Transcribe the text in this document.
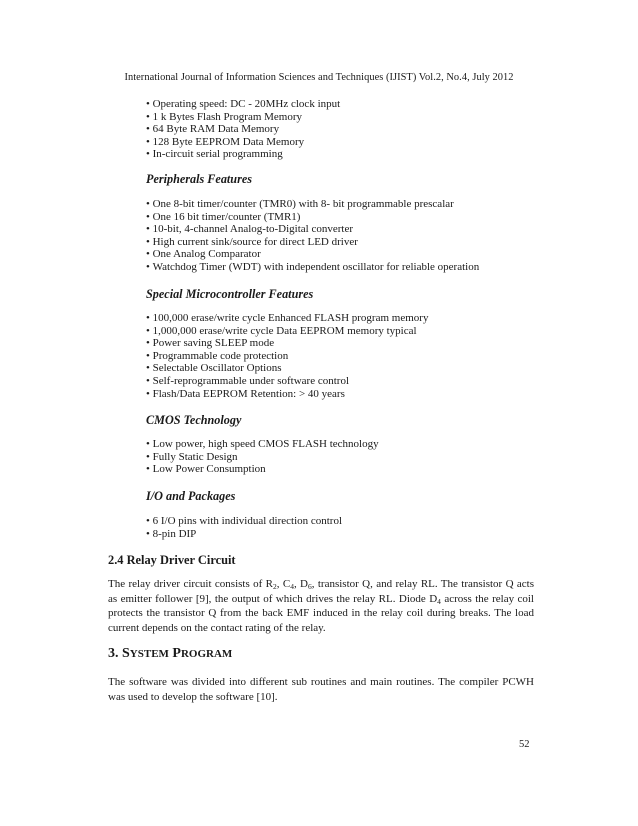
International Journal of Information Sciences and Techniques (IJIST) Vol.2, No.4, July 2012
• Operating speed: DC - 20MHz clock input
• 1 k Bytes Flash Program Memory
• 64 Byte RAM Data Memory
• 128 Byte EEPROM Data Memory
• In-circuit serial programming
Peripherals Features
• One 8-bit timer/counter (TMR0) with 8- bit programmable prescalar
• One 16 bit timer/counter (TMR1)
• 10-bit, 4-channel Analog-to-Digital converter
• High current sink/source for direct LED driver
• One Analog Comparator
• Watchdog Timer (WDT) with independent oscillator for reliable operation
Special Microcontroller Features
• 100,000 erase/write cycle Enhanced FLASH program memory
• 1,000,000 erase/write cycle Data EEPROM memory typical
• Power saving SLEEP mode
• Programmable code protection
• Selectable Oscillator Options
• Self-reprogrammable under software control
• Flash/Data EEPROM Retention: > 40 years
CMOS Technology
• Low power, high speed CMOS FLASH technology
• Fully Static Design
• Low Power Consumption
I/O and Packages
• 6 I/O pins with individual direction control
• 8-pin DIP
2.4 Relay Driver Circuit

The relay driver circuit consists of $R_2$, $C_4$, $D_6$, transistor Q, and relay RL. The transistor Q acts as emitter follower [9], the output of which drives the relay RL. Diode $D_4$ across the relay coil protects the transistor Q from the back EMF induced in the relay coil during breaks. The load current depends on the contact rating of the relay.

3. SYSTEM PROGRAM

The software was divided into different sub routines and main routines. The compiler PCWH was used to develop the software [10].

52
